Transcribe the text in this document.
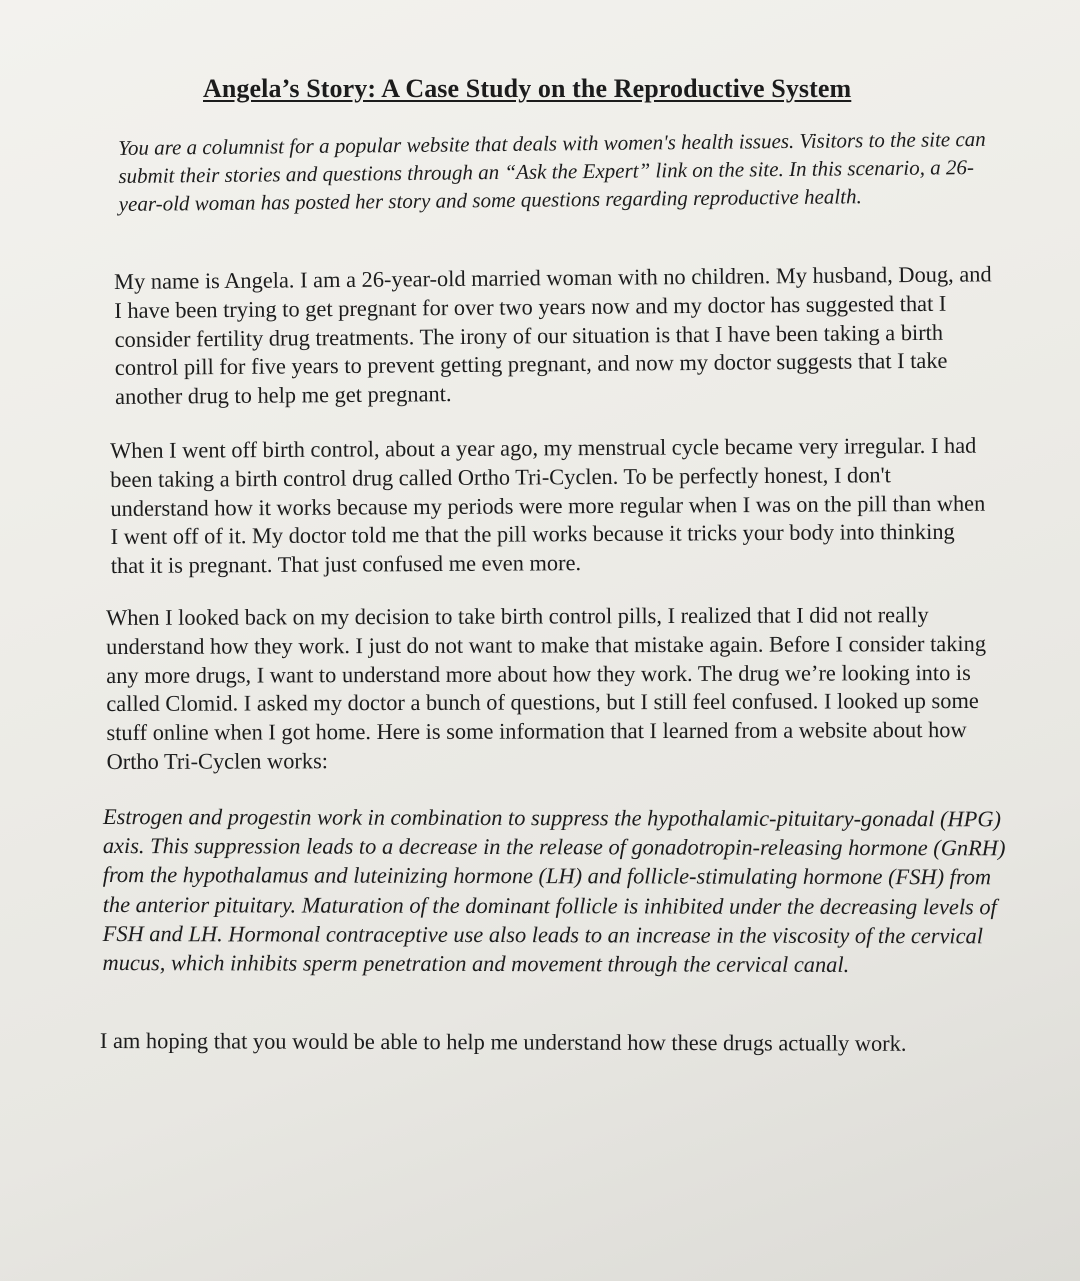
Angela’s Story: A Case Study on the Reproductive System

You are a columnist for a popular website that deals with women's health issues. Visitors to the site can submit their stories and questions through an “Ask the Expert” link on the site. In this scenario, a 26-year-old woman has posted her story and some questions regarding reproductive health.

My name is Angela. I am a 26-year-old married woman with no children. My husband, Doug, and I have been trying to get pregnant for over two years now and my doctor has suggested that I consider fertility drug treatments. The irony of our situation is that I have been taking a birth control pill for five years to prevent getting pregnant, and now my doctor suggests that I take another drug to help me get pregnant.

When I went off birth control, about a year ago, my menstrual cycle became very irregular. I had been taking a birth control drug called Ortho Tri-Cyclen. To be perfectly honest, I don't understand how it works because my periods were more regular when I was on the pill than when I went off of it. My doctor told me that the pill works because it tricks your body into thinking that it is pregnant. That just confused me even more.

When I looked back on my decision to take birth control pills, I realized that I did not really understand how they work. I just do not want to make that mistake again. Before I consider taking any more drugs, I want to understand more about how they work. The drug we’re looking into is called Clomid. I asked my doctor a bunch of questions, but I still feel confused. I looked up some stuff online when I got home. Here is some information that I learned from a website about how Ortho Tri-Cyclen works:

Estrogen and progestin work in combination to suppress the hypothalamic-pituitary-gonadal (HPG) axis. This suppression leads to a decrease in the release of gonadotropin-releasing hormone (GnRH) from the hypothalamus and luteinizing hormone (LH) and follicle-stimulating hormone (FSH) from the anterior pituitary. Maturation of the dominant follicle is inhibited under the decreasing levels of FSH and LH. Hormonal contraceptive use also leads to an increase in the viscosity of the cervical mucus, which inhibits sperm penetration and movement through the cervical canal.

I am hoping that you would be able to help me understand how these drugs actually work.
